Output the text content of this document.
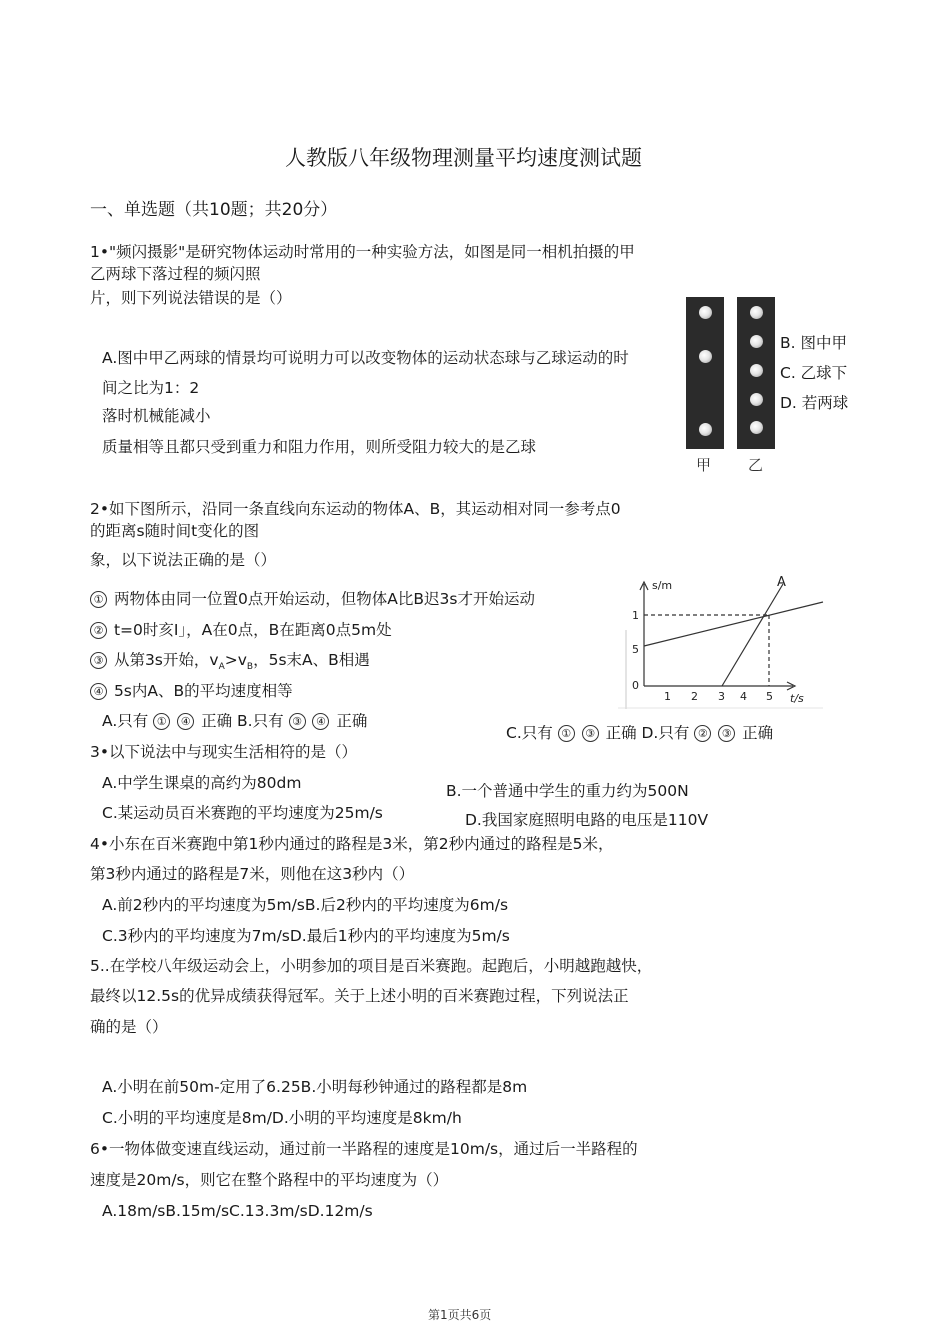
人教版八年级物理测量平均速度测试题
一、单选题（共10题；共20分）
1•"频闪摄影"是研究物体运动时常用的一种实验方法，如图是同一相机拍摄的甲
乙两球下落过程的频闪照
片，则下列说法错误的是（）
A.图中甲乙两球的情景均可说明力可以改变物体的运动状态球与乙球运动的时
间之比为1：2
落时机械能减小
质量相等且都只受到重力和阻力作用，则所受阻力较大的是乙球
甲 乙
B. 图中甲
C. 乙球下
D. 若两球
2•如下图所示，沿同一条直线向东运动的物体A、B，其运动相对同一参考点0
的距离s随时间t变化的图
象，以下说法正确的是（）
① 两物体由同一位置0点开始运动，但物体A比B迟3s才开始运动
② t=0时亥I」，A在0点，B在距离0点5m处
③ 从第3s开始，$v_A>v_B$，5s末A、B相遇
④ 5s内A、B的平均速度相等
A.只有 ① ④ 正确 B.只有 ③ ④ 正确
C.只有 ① ③ 正确 D.只有 ② ③ 正确
s/m
t/s
A
1
5
0
1 2 3 4 5
3•以下说法中与现实生活相符的是（）
A.中学生课桌的高约为80dm	B.一个普通中学生的重力约为500N
C.某运动员百米赛跑的平均速度为25m/s	D.我国家庭照明电路的电压是110V
4•小东在百米赛跑中第1秒内通过的路程是3米，第2秒内通过的路程是5米，
第3秒内通过的路程是7米，则他在这3秒内（）
A.前2秒内的平均速度为5m/sB.后2秒内的平均速度为6m/s
C.3秒内的平均速度为7m/sD.最后1秒内的平均速度为5m/s
5..在学校八年级运动会上，小明参加的项目是百米赛跑。起跑后，小明越跑越快，
最终以12.5s的优异成绩获得冠军。关于上述小明的百米赛跑过程，下列说法正
确的是（）
A.小明在前50m-定用了6.25B.小明每秒钟通过的路程都是8m
C.小明的平均速度是8m/D.小明的平均速度是8km/h
6•一物体做变速直线运动，通过前一半路程的速度是10m/s，通过后一半路程的
速度是20m/s，则它在整个路程中的平均速度为（）
A.18m/sB.15m/sC.13.3m/sD.12m/s
第1页共6页
